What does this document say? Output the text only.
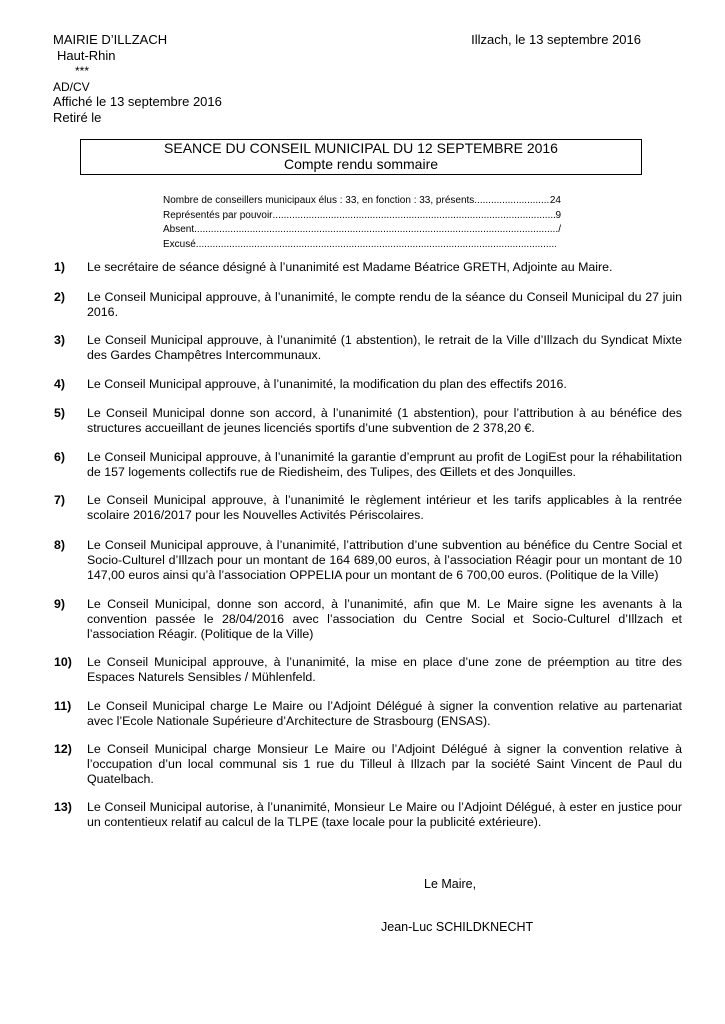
MAIRIE D’ILLZACH
Haut-Rhin
***
AD/CV
Affiché le 13 septembre 2016
Retiré le
Illzach, le 13 septembre 2016
SEANCE DU CONSEIL MUNICIPAL DU 12 SEPTEMBRE 2016
Compte rendu sommaire
Nombre de conseillers municipaux élus : 33, en fonction : 33, présents .....	24
Représentés par pouvoir .....	9
Absent .....	/
Excusé
.....
1)	Le secrétaire de séance désigné à l’unanimité est Madame Béatrice GRETH, Adjointe au Maire.
2)	Le Conseil Municipal approuve, à l’unanimité, le compte rendu de la séance du Conseil Municipal du 27 juin 2016.
3)	Le Conseil Municipal approuve, à l’unanimité (1 abstention), le retrait de la Ville d’Illzach du Syndicat Mixte des Gardes Champêtres Intercommunaux.
4)	Le Conseil Municipal approuve, à l’unanimité, la modification du plan des effectifs 2016.
5)	Le Conseil Municipal donne son accord, à l’unanimité (1 abstention), pour l’attribution à au bénéfice des structures accueillant de jeunes licenciés sportifs d’une subvention de 2 378,20 €.
6)	Le Conseil Municipal approuve, à l’unanimité la garantie d’emprunt au profit de LogiEst pour la réhabilitation de 157 logements collectifs rue de Riedisheim, des Tulipes, des Œillets et des Jonquilles.
7)	Le Conseil Municipal approuve, à l’unanimité le règlement intérieur et les tarifs applicables à la rentrée scolaire 2016/2017 pour les Nouvelles Activités Périscolaires.
8)	Le Conseil Municipal approuve, à l’unanimité, l’attribution d’une subvention au bénéfice du Centre Social et Socio-Culturel d’Illzach pour un montant de 164 689,00 euros, à l’association Réagir pour un montant de 10 147,00 euros ainsi qu’à l’association OPPELIA pour un montant de 6 700,00 euros. (Politique de la Ville)
9)	Le Conseil Municipal, donne son accord, à l’unanimité, afin que M. Le Maire signe les avenants à la convention passée le 28/04/2016 avec l’association du Centre Social et Socio-Culturel d’Illzach et l’association Réagir. (Politique de la Ville)
10)	Le Conseil Municipal approuve, à l’unanimité, la mise en place d’une zone de préemption au titre des Espaces Naturels Sensibles / Mühlenfeld.
11)	Le Conseil Municipal charge Le Maire ou l’Adjoint Délégué à signer la convention relative au partenariat avec l’Ecole Nationale Supérieure d’Architecture de Strasbourg (ENSAS).
12)	Le Conseil Municipal charge Monsieur Le Maire ou l’Adjoint Délégué à signer la convention relative à l’occupation d’un local communal sis 1 rue du Tilleul à Illzach par la société Saint Vincent de Paul du Quatelbach.
13)	Le Conseil Municipal autorise, à l’unanimité, Monsieur Le Maire ou l’Adjoint Délégué, à ester en justice pour un contentieux relatif au calcul de la TLPE (taxe locale pour la publicité extérieure).
Le Maire,
Jean-Luc SCHILDKNECHT
